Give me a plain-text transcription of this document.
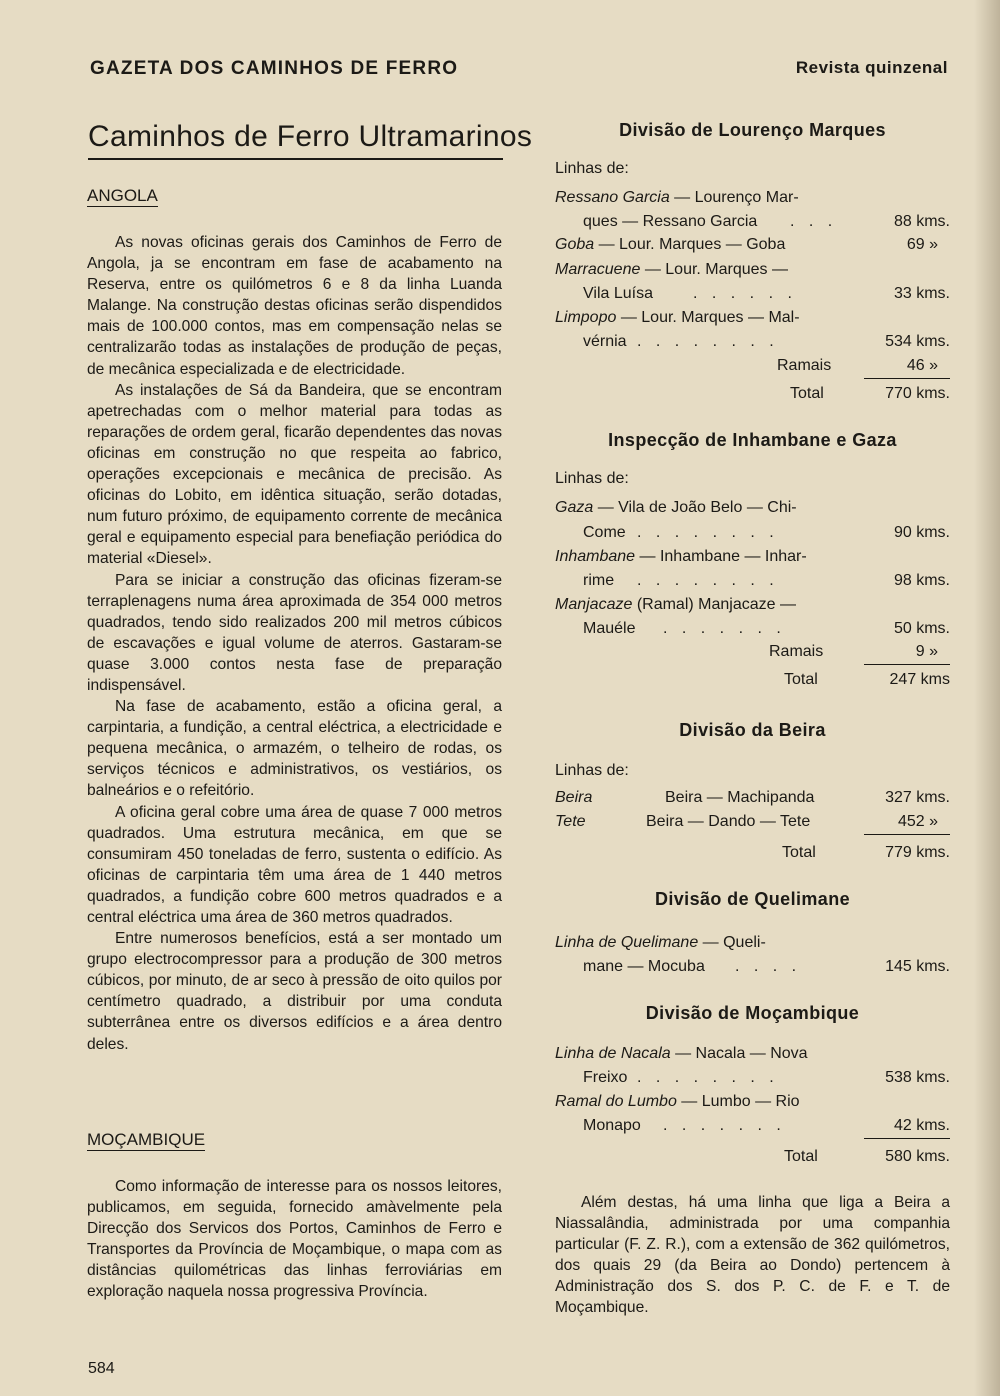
GAZETA DOS CAMINHOS DE FERRO	Revista quinzenal
Caminhos de Ferro Ultramarinos
ANGOLA

As novas oficinas gerais dos Caminhos de Ferro de Angola, ja se encontram em fase de acabamento na Reserva, entre os quilómetros 6 e 8 da linha Luanda Malange. Na construção destas oficinas serão dispendidos mais de 100.000 contos, mas em compensação nelas se centralizarão todas as instalações de produção de peças, de mecânica especializada e de electricidade.

As instalações de Sá da Bandeira, que se encontram apetrechadas com o melhor material para todas as reparações de ordem geral, ficarão dependentes das novas oficinas em construção no que respeita ao fabrico, operações excepcionais e mecânica de precisão. As oficinas do Lobito, em idêntica situação, serão dotadas, num futuro próximo, de equipamento corrente de mecânica geral e equipamento especial para benefiação periódica do material «Diesel».

Para se iniciar a construção das oficinas fizeram-se terraplenagens numa área aproximada de 354 000 metros quadrados, tendo sido realizados 200 mil metros cúbicos de escavações e igual volume de aterros. Gastaram-se quase 3.000 contos nesta fase de preparação indispensável.

Na fase de acabamento, estão a oficina geral, a carpintaria, a fundição, a central eléctrica, a electricidade e pequena mecânica, o armazém, o telheiro de rodas, os serviços técnicos e administrativos, os vestiários, os balneários e o refeitório.

A oficina geral cobre uma área de quase 7 000 metros quadrados. Uma estrutura mecânica, em que se consumiram 450 toneladas de ferro, sustenta o edifício. As oficinas de carpintaria têm uma área de 1 440 metros quadrados, a fundição cobre 600 metros quadrados e a central eléctrica uma área de 360 metros quadrados.

Entre numerosos benefícios, está a ser montado um grupo electrocompressor para a produção de 300 metros cúbicos, por minuto, de ar seco à pressão de oito quilos por centímetro quadrado, a distribuir por uma conduta subterrânea entre os diversos edifícios e a área dentro deles.

MOÇAMBIQUE

Como informação de interesse para os nossos leitores, publicamos, em seguida, fornecido amàvelmente pela Direcção dos Servicos dos Portos, Caminhos de Ferro e Transportes da Província de Moçambique, o mapa com as distâncias quilométricas das linhas ferroviárias em exploração naquela nossa progressiva Província.

584
Divisão de Lourenço Marques
Linhas de:
Ressano Garcia — Lourenço Mar-
ques — Ressano Garcia . . .	88 kms.
Goba — Lour. Marques — Goba	69 »
Marracuene — Lour. Marques —
Vila Luísa	. . . . . .	33 kms.
Limpopo — Lour. Marques — Mal-
vérnia . . . . . . . .	534 kms.
Ramais	46 »
Total	770 kms.
Inspecção de Inhambane e Gaza
Linhas de:
Gaza — Vila de João Belo — Chi-
Come . . . . . . . .	90 kms.
Inhambane — Inhambane — Inhar-
rime . . . . . . . .	98 kms.
Manjacaze (Ramal) Manjacaze —
Mauéle . . . . . . .	50 kms.
Ramais	9 »
Total	247 kms
Divisão da Beira
Linhas de:
Beira	Beira — Machipanda	327 kms.
Tete	Beira — Dando — Tete	452 »
Total	779 kms.
Divisão de Quelimane
Linha de Quelimane — Queli-
mane — Mocuba . . . .	145 kms.
Divisão de Moçambique
Linha de Nacala — Nacala — Nova
Freixo . . . . . . . .	538 kms.
Ramal do Lumbo — Lumbo — Rio
Monapo . . . . . . .	42 kms.
Total	580 kms.
Além destas, há uma linha que liga a Beira a Niassalândia, administrada por uma companhia particular (F. Z. R.), com a extensão de 362 quilómetros, dos quais 29 (da Beira ao Dondo) pertencem à Administração dos S. dos P. C. de F. e T. de Moçambique.
